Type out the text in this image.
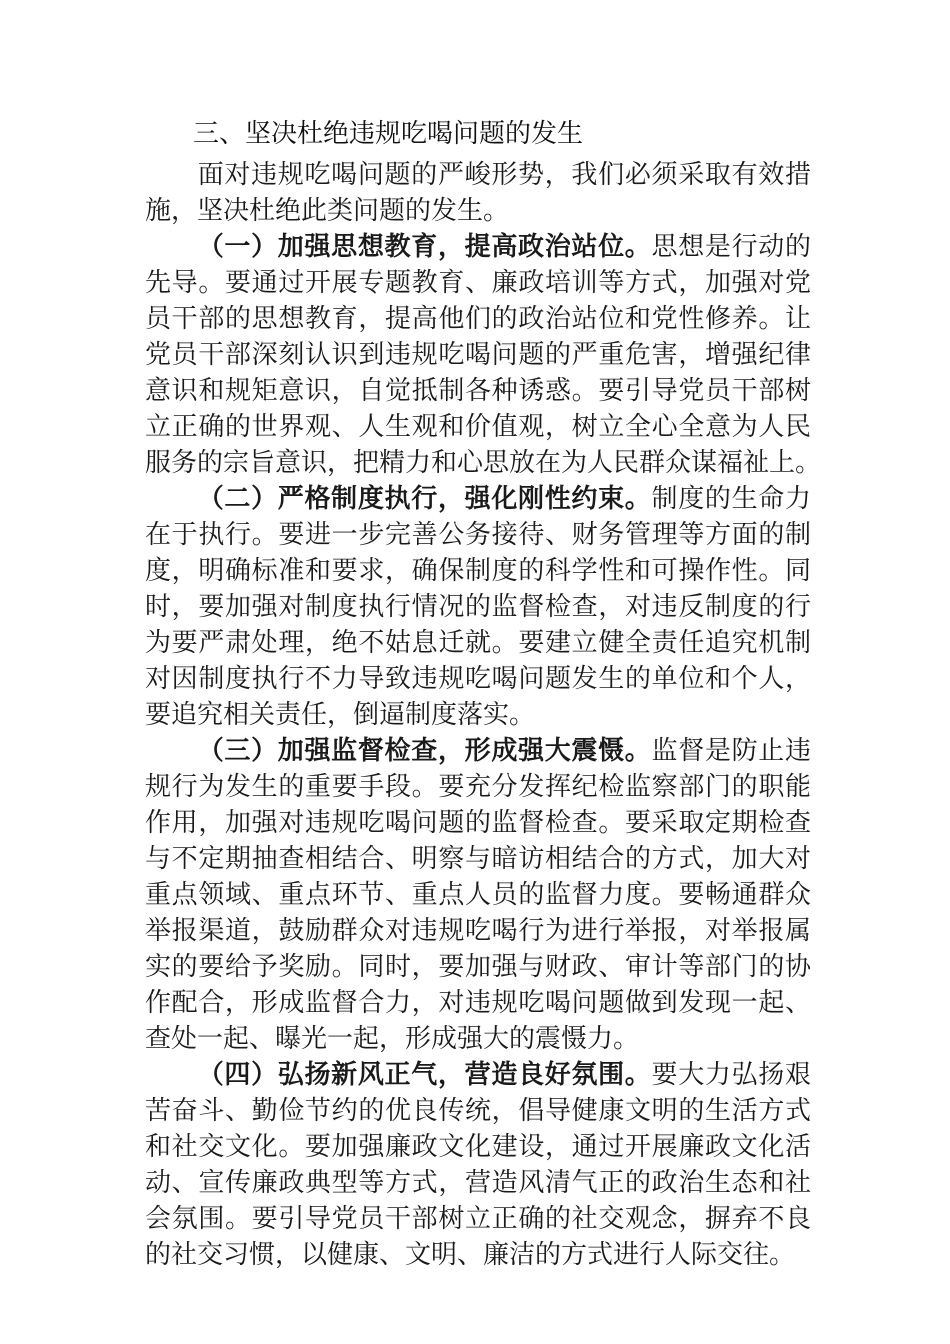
三、坚决杜绝违规吃喝问题的发生
面对违规吃喝问题的严峻形势，我们必须采取有效措
施，坚决杜绝此类问题的发生。
（一）加强思想教育，提高政治站位。思想是行动的
先导。要通过开展专题教育、廉政培训等方式，加强对党
员干部的思想教育，提高他们的政治站位和党性修养。让
党员干部深刻认识到违规吃喝问题的严重危害，增强纪律
意识和规矩意识，自觉抵制各种诱惑。要引导党员干部树
立正确的世界观、人生观和价值观，树立全心全意为人民
服务的宗旨意识，把精力和心思放在为人民群众谋福祉上。
（二）严格制度执行，强化刚性约束。制度的生命力
在于执行。要进一步完善公务接待、财务管理等方面的制
度，明确标准和要求，确保制度的科学性和可操作性。同
时，要加强对制度执行情况的监督检查，对违反制度的行
为要严肃处理，绝不姑息迁就。要建立健全责任追究机制
对因制度执行不力导致违规吃喝问题发生的单位和个人，
要追究相关责任，倒逼制度落实。
（三）加强监督检查，形成强大震慑。监督是防止违
规行为发生的重要手段。要充分发挥纪检监察部门的职能
作用，加强对违规吃喝问题的监督检查。要采取定期检查
与不定期抽查相结合、明察与暗访相结合的方式，加大对
重点领域、重点环节、重点人员的监督力度。要畅通群众
举报渠道，鼓励群众对违规吃喝行为进行举报，对举报属
实的要给予奖励。同时，要加强与财政、审计等部门的协
作配合，形成监督合力，对违规吃喝问题做到发现一起、
查处一起、曝光一起，形成强大的震慑力。
（四）弘扬新风正气，营造良好氛围。要大力弘扬艰
苦奋斗、勤俭节约的优良传统，倡导健康文明的生活方式
和社交文化。要加强廉政文化建设，通过开展廉政文化活
动、宣传廉政典型等方式，营造风清气正的政治生态和社
会氛围。要引导党员干部树立正确的社交观念，摒弃不良
的社交习惯，以健康、文明、廉洁的方式进行人际交往。
